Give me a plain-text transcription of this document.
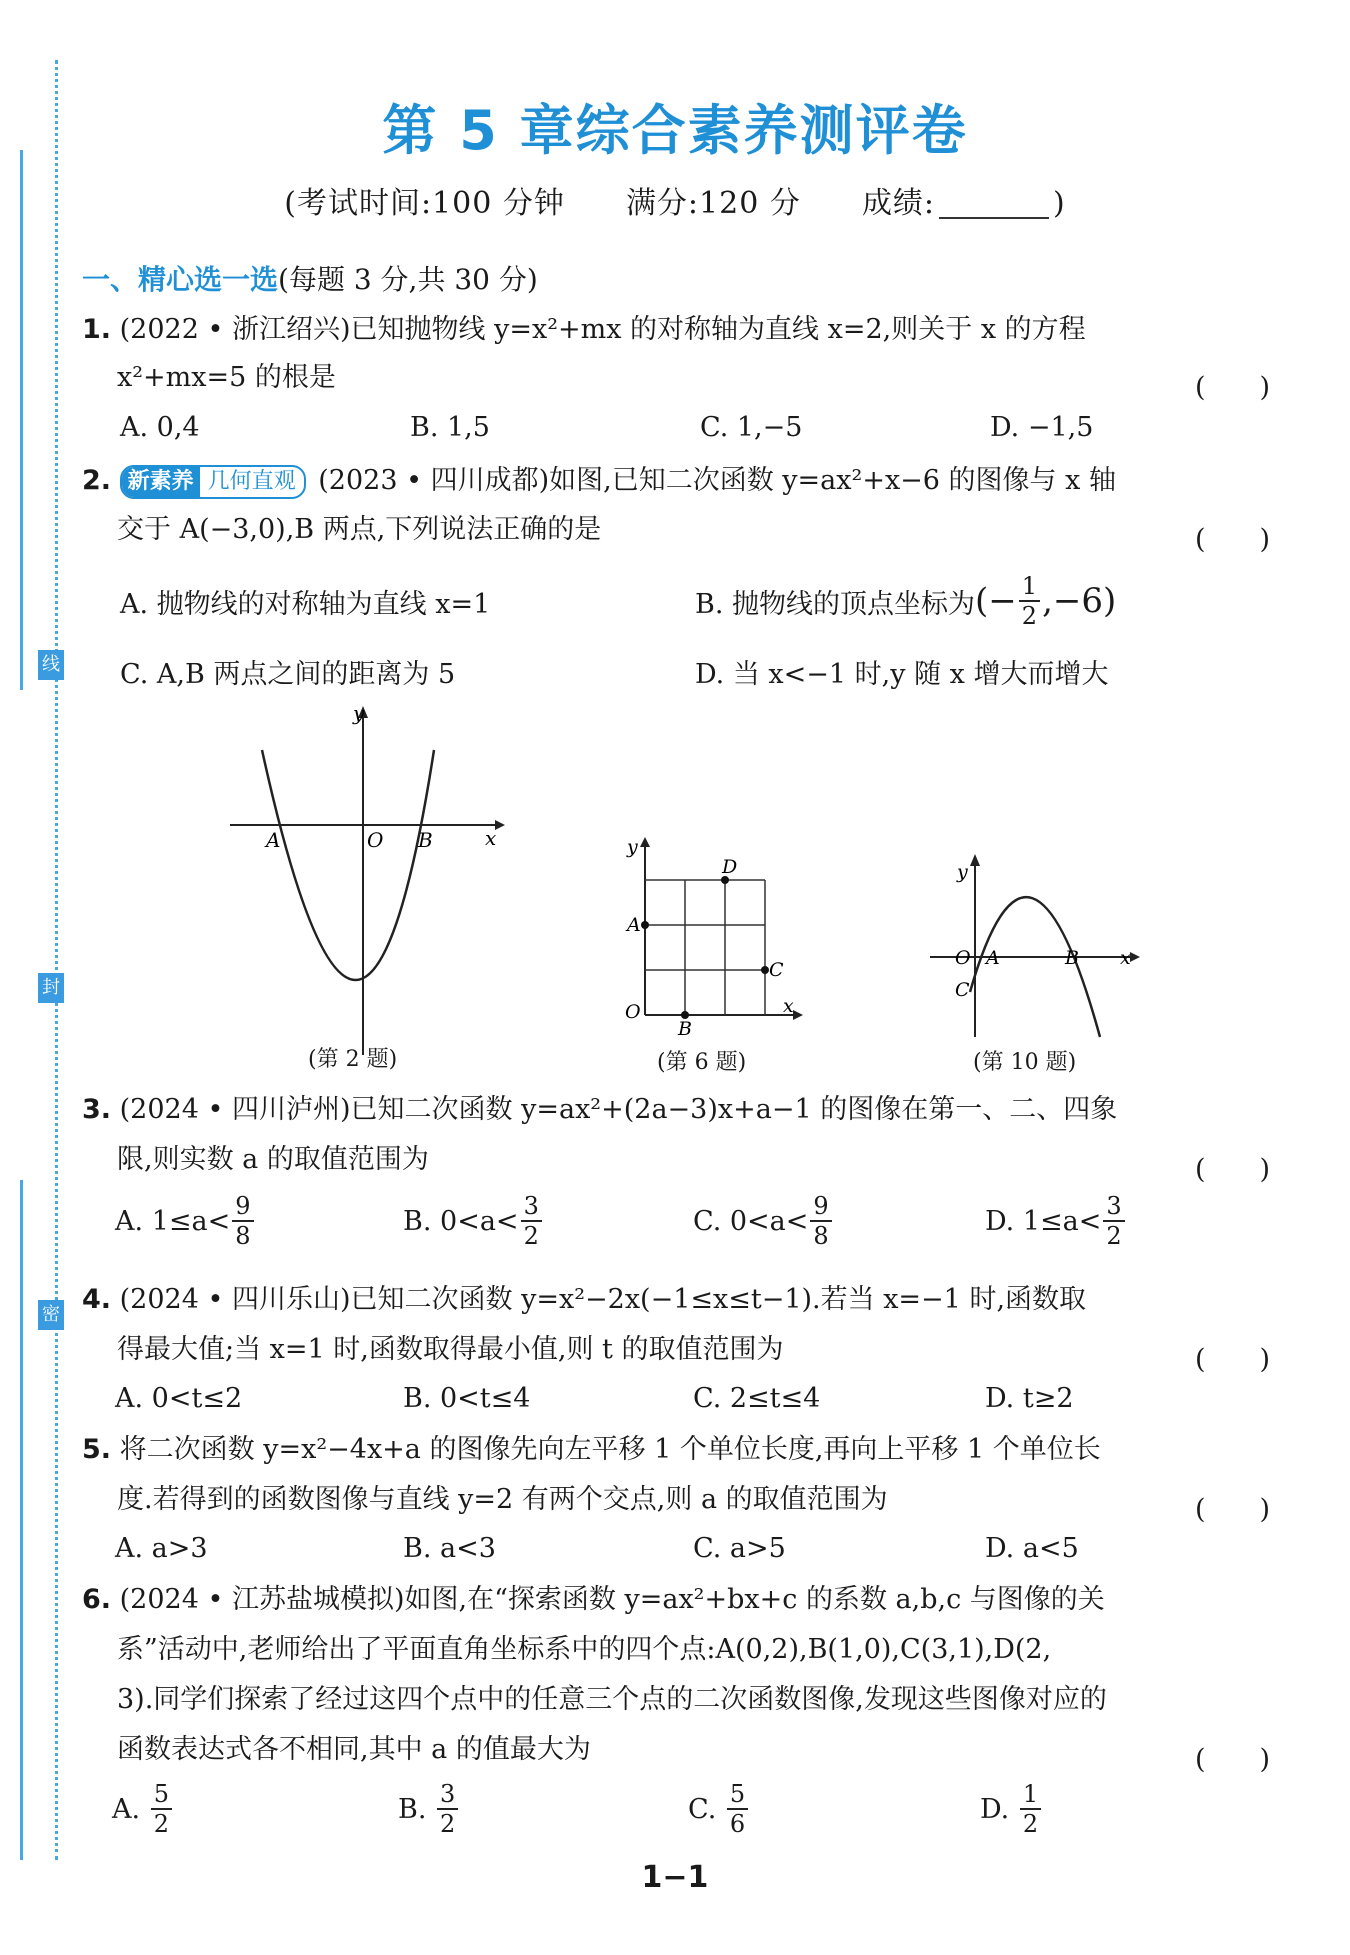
线
封
密
第 5 章综合素养测评卷
(考试时间:100 分钟 满分:120 分 成绩:	)
一、精心选一选(每题 3 分,共 30 分)
1. (2022 • 浙江绍兴)已知抛物线 y=x²+mx 的对称轴为直线 x=2,则关于 x 的方程
x²+mx=5 的根是	(　　)
A. 0,4	B. 1,5	C. 1,−5	D. −1,5
2. 新素养 几何直观 (2023 • 四川成都)如图,已知二次函数 y=ax²+x−6 的图像与 x 轴
交于 A(−3,0),B 两点,下列说法正确的是	(　　)
A. 抛物线的对称轴为直线 x=1	B. 抛物线的顶点坐标为 (− $\frac{1}{2} ,-6$)
C. A,B 两点之间的距离为 5	D. 当 x<−1 时,y 随 x 增大而增大
y
x
O
A	B
(第 2 题)
y
x
O
A
B
C
D
(第 6 题)
y
x
O A	B
C
(第 10 题)
3. (2024 • 四川泸州)已知二次函数 y=ax²+(2a−3)x+a−1 的图像在第一、二、四象
限,则实数 a 的取值范围为	(　　)
A.
$1\le a< \frac{9}{8}$	B.
$0<a< \frac{3}{2}$	C.
$0<a< \frac{9}{8}$	D.
$1\le a< \frac{3}{2}$
4. (2024 • 四川乐山)已知二次函数 y=x²−2x(−1≤x≤t−1).若当 x=−1 时,函数取
得最大值;当 x=1 时,函数取得最小值,则 t 的取值范围为	(　　)
A. 0<t≤2	B. 0<t≤4	C. 2≤t≤4	D. t≥2
5. 将二次函数 y=x²−4x+a 的图像先向左平移 1 个单位长度,再向上平移 1 个单位长
度.若得到的函数图像与直线 y=2 有两个交点,则 a 的取值范围为	(　　)
A. a>3	B. a<3	C. a>5	D. a<5
6. (2024 • 江苏盐城模拟)如图,在“探索函数 y=ax²+bx+c 的系数 a,b,c 与图像的关
系”活动中,老师给出了平面直角坐标系中的四个点:A(0,2),B(1,0),C(3,1),D(2,
3).同学们探索了经过这四个点中的任意三个点的二次函数图像,发现这些图像对应的
函数表达式各不相同,其中 a 的值最大为	(　　)
A.
$\frac{5}{2}$	B.
$\frac{3}{2}$	C.
$\frac{5}{6}$	D.
$\frac{1}{2}$
1−1
